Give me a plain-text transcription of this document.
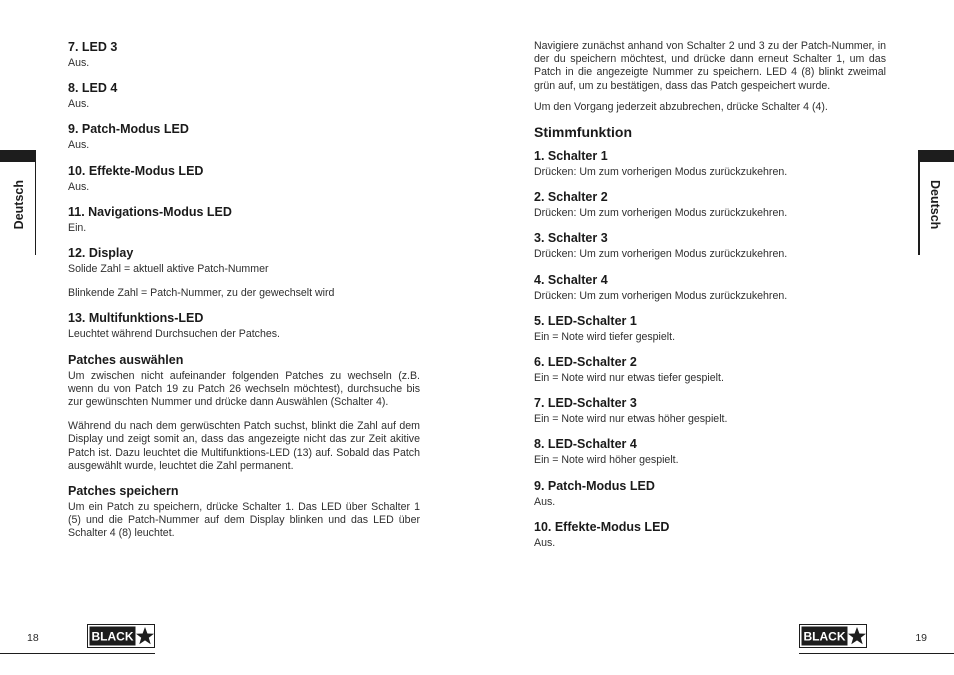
7. LED 3
Aus.
8. LED 4
Aus.
9. Patch-Modus LED
Aus.
10. Effekte-Modus LED
Aus.
11. Navigations-Modus LED
Ein.
12. Display
Solide Zahl = aktuell aktive Patch-Nummer
Blinkende Zahl = Patch-Nummer, zu der gewechselt wird
13. Multifunktions-LED
Leuchtet während Durchsuchen der Patches.
Patches auswählen
Um zwischen nicht aufeinander folgenden Patches zu wechseln (z.B. wenn du von Patch 19 zu Patch 26 wechseln möchtest), durchsuche bis zur gewünschten Nummer und drücke dann Auswählen (Schalter 4).
Während du nach dem gerwüschten Patch suchst, blinkt die Zahl auf dem Display und zeigt somit an, dass das angezeigte nicht das zur Zeit akitive Patch ist. Dazu leuchtet die Multifunktions-LED (13) auf. Sobald das Patch ausgewählt wurde, leuchtet die Zahl permanent.
Patches speichern
Um ein Patch zu speichern, drücke Schalter 1. Das LED über Schalter 1 (5) und die Patch-Nummer auf dem Display blinken und das LED über Schalter 4 (8) leuchtet.
Deutsch
18	BLACK
Navigiere zunächst anhand von Schalter 2 und 3 zu der Patch-Nummer, in der du speichern möchtest, und drücke dann erneut Schalter 1, um das Patch in die angezeigte Nummer zu speichern. LED 4 (8) blinkt zweimal grün auf, um zu bestätigen, dass das Patch gespeichert wurde.
Um den Vorgang jederzeit abzubrechen, drücke Schalter 4 (4).
Stimmfunktion
1. Schalter 1
Drücken: Um zum vorherigen Modus zurückzukehren.
2. Schalter 2
Drücken: Um zum vorherigen Modus zurückzukehren.
3. Schalter 3
Drücken: Um zum vorherigen Modus zurückzukehren.
4. Schalter 4
Drücken: Um zum vorherigen Modus zurückzukehren.
5. LED-Schalter 1
Ein = Note wird tiefer gespielt.
6. LED-Schalter 2
Ein = Note wird nur etwas tiefer gespielt.
7. LED-Schalter 3
Ein = Note wird nur etwas höher gespielt.
8. LED-Schalter 4
Ein = Note wird höher gespielt.
9. Patch-Modus LED
Aus.
10. Effekte-Modus LED
Aus.
Deutsch
19
BLACK
